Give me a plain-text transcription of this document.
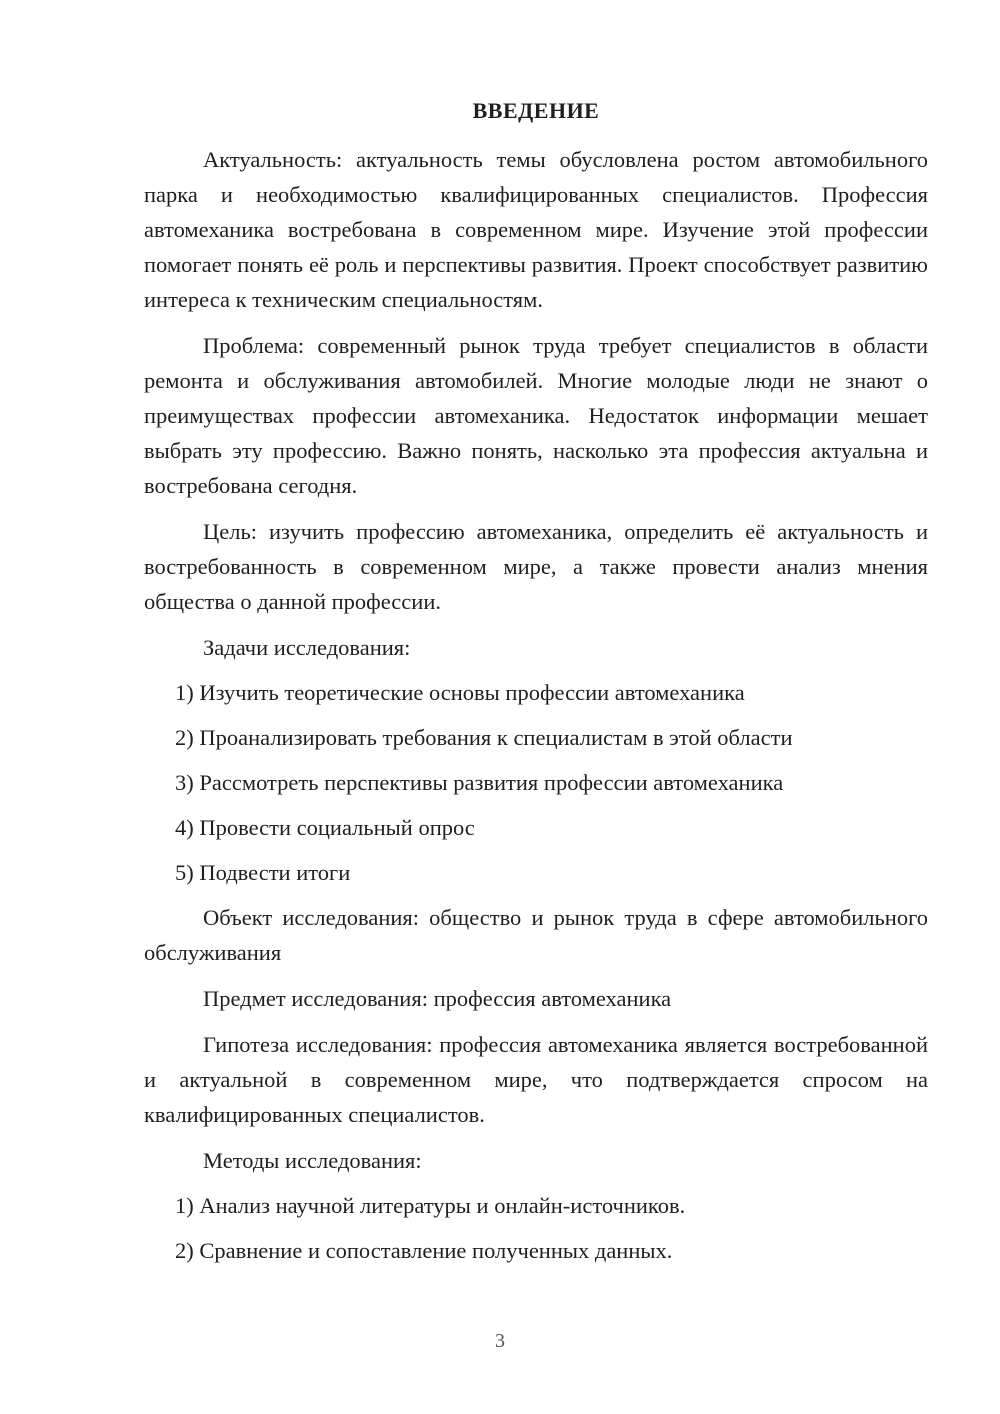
ВВЕДЕНИЕ

Актуальность: актуальность темы обусловлена ростом автомобильного парка и необходимостью квалифицированных специалистов. Профессия автомеханика востребована в современном мире. Изучение этой профессии помогает понять её роль и перспективы развития. Проект способствует развитию интереса к техническим специальностям.

Проблема: современный рынок труда требует специалистов в области ремонта и обслуживания автомобилей. Многие молодые люди не знают о преимуществах профессии автомеханика. Недостаток информации мешает выбрать эту профессию. Важно понять, насколько эта профессия актуальна и востребована сегодня.

Цель: изучить профессию автомеханика, определить её актуальность и востребованность в современном мире, а также провести анализ мнения общества о данной профессии.

Задачи исследования:
1) Изучить теоретические основы профессии автомеханика
2) Проанализировать требования к специалистам в этой области
3) Рассмотреть перспективы развития профессии автомеханика
4) Провести социальный опрос
5) Подвести итоги

Объект исследования: общество и рынок труда в сфере автомобильного обслуживания

Предмет исследования: профессия автомеханика

Гипотеза исследования: профессия автомеханика является востребованной и актуальной в современном мире, что подтверждается спросом на квалифицированных специалистов.

Методы исследования:
1) Анализ научной литературы и онлайн-источников.
2) Сравнение и сопоставление полученных данных.
3
